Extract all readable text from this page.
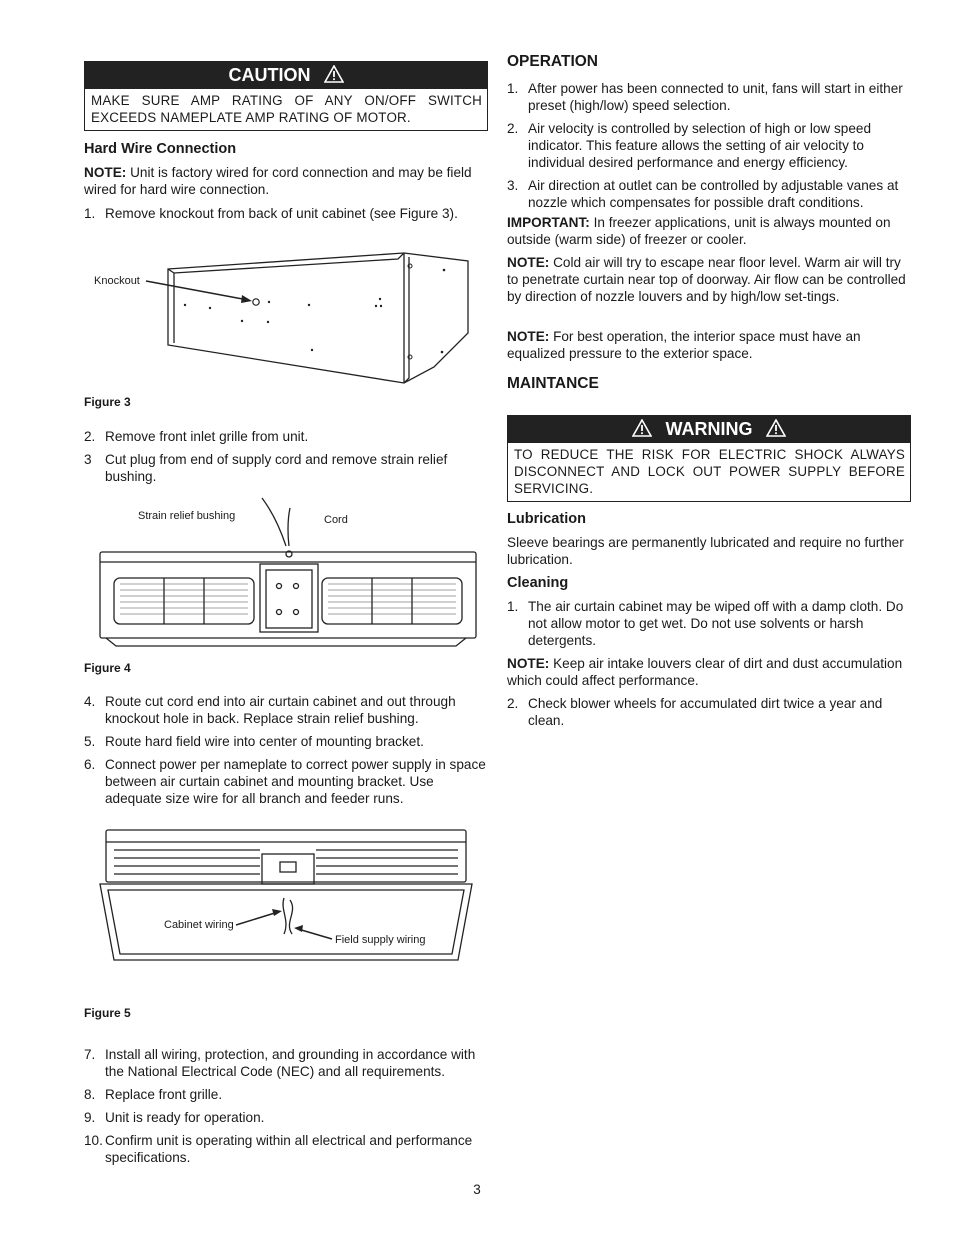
CAUTION
MAKE SURE AMP RATING OF ANY ON/OFF SWITCH EXCEEDS NAMEPLATE AMP RATING OF MOTOR.
Hard Wire Connection

NOTE: Unit is factory wired for cord connection and may be field wired for hard wire connection.

1. Remove knockout from back of unit cabinet (see Figure 3).
Knockout
Figure 3
2. Remove front inlet grille from unit.
3 Cut plug from end of supply cord and remove strain relief bushing.
Strain relief bushing	Cord
Figure 4
4. Route cut cord end into air curtain cabinet and out through knockout hole in back. Replace strain relief bushing.
5. Route hard field wire into center of mounting bracket.
6. Connect power per nameplate to correct power supply in space between air curtain cabinet and mounting bracket. Use adequate size wire for all branch and feeder runs.
Cabinet wiring
Field supply wiring
Figure 5
7. Install all wiring, protection, and grounding in accordance with the National Electrical Code (NEC) and all requirements.
8. Replace front grille.
9. Unit is ready for operation.
10. Confirm unit is operating within all electrical and performance specifications.
OPERATION
1. After power has been connected to unit, fans will start in either preset (high/low) speed selection.
2. Air velocity is controlled by selection of high or low speed indicator. This feature allows the setting of air velocity to individual desired performance and energy efficiency.
3. Air direction at outlet can be controlled by adjustable vanes at nozzle which compensates for possible draft conditions.

IMPORTANT: In freezer applications, unit is always mounted on outside (warm side) of freezer or cooler.

NOTE: Cold air will try to escape near floor level. Warm air will try to penetrate curtain near top of doorway. Air flow can be controlled by direction of nozzle louvers and by high/low set-tings.

NOTE: For best operation, the interior space must have an equalized pressure to the exterior space.

MAINTANCE
WARNING
TO REDUCE THE RISK FOR ELECTRIC SHOCK ALWAYS DISCONNECT AND LOCK OUT POWER SUPPLY BEFORE SERVICING.
Lubrication

Sleeve bearings are permanently lubricated and require no further lubrication.

Cleaning
1. The air curtain cabinet may be wiped off with a damp cloth. Do not allow motor to get wet. Do not use solvents or harsh detergents.

NOTE: Keep air intake louvers clear of dirt and dust accumulation which could affect performance.

2. Check blower wheels for accumulated dirt twice a year and clean.
3
